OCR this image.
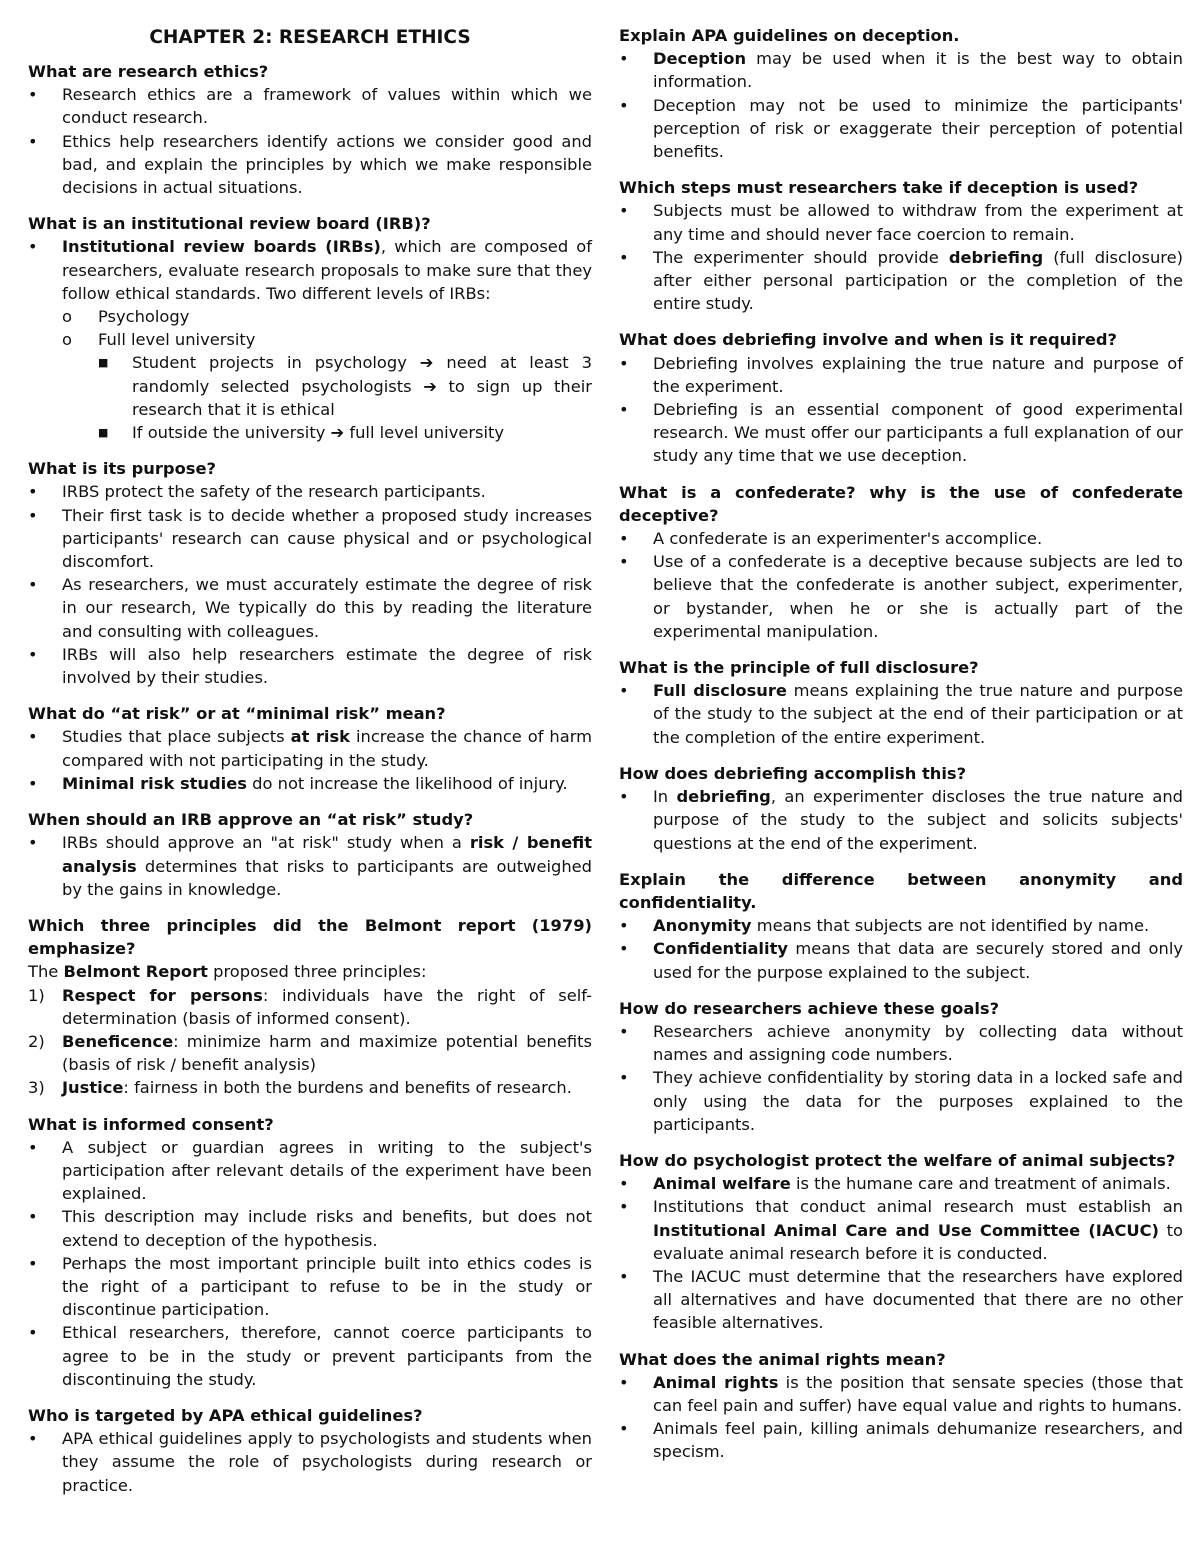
CHAPTER 2: RESEARCH ETHICS
What are research ethics?
•	Research ethics are a framework of values within which we conduct research.
•	Ethics help researchers identify actions we consider good and bad, and explain the principles by which we make responsible decisions in actual situations.
What is an institutional review board (IRB)?
•	Institutional review boards (IRBs), which are composed of researchers, evaluate research proposals to make sure that they follow ethical standards. Two different levels of IRBs:
o	Psychology
o	Full level university
■	Student projects in psychology ➔ need at least 3 randomly selected psychologists ➔ to sign up their research that it is ethical
■	If outside the university ➔ full level university
What is its purpose?
•	IRBS protect the safety of the research participants.
•	Their first task is to decide whether a proposed study increases participants' research can cause physical and or psychological discomfort.
•	As researchers, we must accurately estimate the degree of risk in our research, We typically do this by reading the literature and consulting with colleagues.
•	IRBs will also help researchers estimate the degree of risk involved by their studies.
What do “at risk” or at “minimal risk” mean?
•	Studies that place subjects at risk increase the chance of harm compared with not participating in the study.
•	Minimal risk studies do not increase the likelihood of injury.
When should an IRB approve an “at risk” study?
•	IRBs should approve an "at risk" study when a risk / benefit analysis determines that risks to participants are outweighed by the gains in knowledge.
Which three principles did the Belmont report (1979) emphasize?
The Belmont Report proposed three principles:
1)	Respect for persons: individuals have the right of self-determination (basis of informed consent).
2)	Beneficence: minimize harm and maximize potential benefits (basis of risk / benefit analysis)
3)	Justice: fairness in both the burdens and benefits of research.
What is informed consent?
•	A subject or guardian agrees in writing to the subject's participation after relevant details of the experiment have been explained.
•	This description may include risks and benefits, but does not extend to deception of the hypothesis.
•	Perhaps the most important principle built into ethics codes is the right of a participant to refuse to be in the study or discontinue participation.
•	Ethical researchers, therefore, cannot coerce participants to agree to be in the study or prevent participants from the discontinuing the study.
Who is targeted by APA ethical guidelines?
•	APA ethical guidelines apply to psychologists and students when they assume the role of psychologists during research or practice.
Explain APA guidelines on deception.
•	Deception may be used when it is the best way to obtain information.
•	Deception may not be used to minimize the participants' perception of risk or exaggerate their perception of potential benefits.
Which steps must researchers take if deception is used?
•	Subjects must be allowed to withdraw from the experiment at any time and should never face coercion to remain.
•	The experimenter should provide debriefing (full disclosure) after either personal participation or the completion of the entire study.
What does debriefing involve and when is it required?
•	Debriefing involves explaining the true nature and purpose of the experiment.
•	Debriefing is an essential component of good experimental research. We must offer our participants a full explanation of our study any time that we use deception.
What is a confederate? why is the use of confederate deceptive?
•	A confederate is an experimenter's accomplice.
•	Use of a confederate is a deceptive because subjects are led to believe that the confederate is another subject, experimenter, or bystander, when he or she is actually part of the experimental manipulation.
What is the principle of full disclosure?
•	Full disclosure means explaining the true nature and purpose of the study to the subject at the end of their participation or at the completion of the entire experiment.
How does debriefing accomplish this?
•	In debriefing, an experimenter discloses the true nature and purpose of the study to the subject and solicits subjects' questions at the end of the experiment.
Explain the difference between anonymity and confidentiality.
•	Anonymity means that subjects are not identified by name.
•	Confidentiality means that data are securely stored and only used for the purpose explained to the subject.
How do researchers achieve these goals?
•	Researchers achieve anonymity by collecting data without names and assigning code numbers.
•	They achieve confidentiality by storing data in a locked safe and only using the data for the purposes explained to the participants.
How do psychologist protect the welfare of animal subjects?
•	Animal welfare is the humane care and treatment of animals.
•	Institutions that conduct animal research must establish an Institutional Animal Care and Use Committee (IACUC) to evaluate animal research before it is conducted.
•	The IACUC must determine that the researchers have explored all alternatives and have documented that there are no other feasible alternatives.
What does the animal rights mean?
•	Animal rights is the position that sensate species (those that can feel pain and suffer) have equal value and rights to humans.
•	Animals feel pain, killing animals dehumanize researchers, and specism.
